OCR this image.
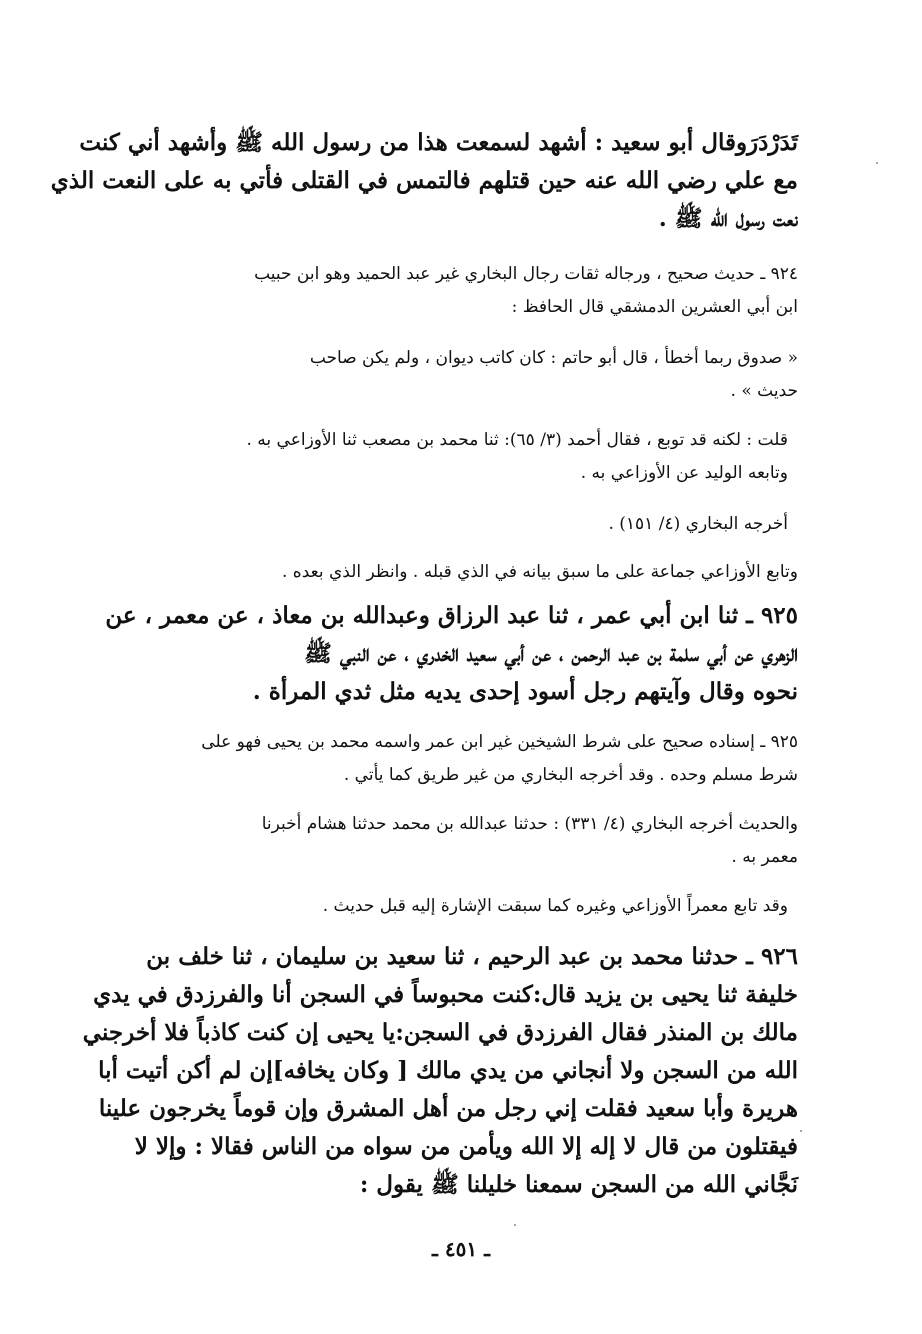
تَدَرْدَرَوقال أبو سعيد : أشهد لسمعت هذا من رسول الله ﷺ وأشهد أني كنت
مع علي رضي الله عنه حين قتلهم فالتمس في القتلى فأتي به على النعت الذي
نعت رسول الله ﷺ .
٩٢٤ ـ حديث صحيح ، ورجاله ثقات رجال البخاري غير عبد الحميد وهو ابن حبيب
ابن أبي العشرين الدمشقي قال الحافظ :
« صدوق ربما أخطأ ، قال أبو حاتم : كان كاتب ديوان ، ولم يكن صاحب
حديث » .
قلت : لكنه قد توبع ، فقال أحمد (٣/ ٦٥): ثنا محمد بن مصعب ثنا الأوزاعي به .
وتابعه الوليد عن الأوزاعي به .
أخرجه البخاري (٤/ ١٥١) .
وتابع الأوزاعي جماعة على ما سبق بيانه في الذي قبله . وانظر الذي بعده .
٩٢٥ ـ ثنا ابن أبي عمر ، ثنا عبد الرزاق وعبدالله بن معاذ ، عن معمر ، عن
الزهري عن أبي سلمة بن عبد الرحمن ، عن أبي سعيد الخدري ، عن النبي ﷺ
نحوه وقال وآيتهم رجل أسود إحدى يديه مثل ثدي المرأة .
٩٢٥ ـ إسناده صحيح على شرط الشيخين غير ابن عمر واسمه محمد بن يحيى فهو على
شرط مسلم وحده . وقد أخرجه البخاري من غير طريق كما يأتي .
والحديث أخرجه البخاري (٤/ ٣٣١) : حدثنا عبدالله بن محمد حدثنا هشام أخبرنا
معمر به .
وقد تابع معمراً الأوزاعي وغيره كما سبقت الإشارة إليه قبل حديث .
٩٢٦ ـ حدثنا محمد بن عبد الرحيم ، ثنا سعيد بن سليمان ، ثنا خلف بن
خليفة ثنا يحيى بن يزيد قال:كنت محبوساً في السجن أنا والفرزدق في يدي
مالك بن المنذر فقال الفرزدق في السجن:يا يحيى إن كنت كاذباً فلا أخرجني
الله من السجن ولا أنجاني من يدي مالك [ وكان يخافه]إن لم أكن أتيت أبا
هريرة وأبا سعيد فقلت إني رجل من أهل المشرق وإن قوماً يخرجون علينا
فيقتلون من قال لا إله إلا الله ويأمن من سواه من الناس فقالا : وإلا لا
نَجَّاني الله من السجن سمعنا خليلنا ﷺ يقول :
ـ ٤٥١ ـ
